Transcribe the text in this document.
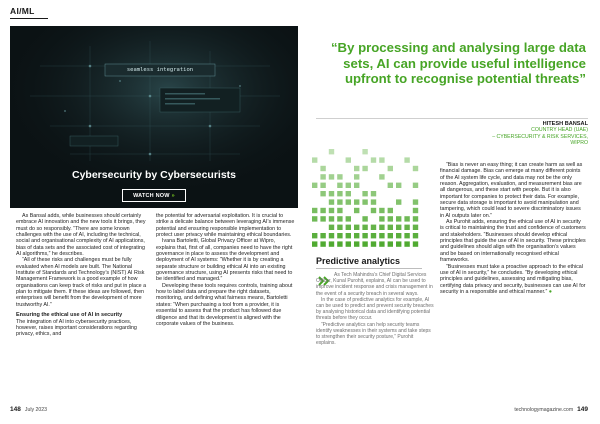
AI/ML
seamless integration
Cybersecurity by Cybersecurists
WATCH NOW »
“By processing and analysing large data sets, AI can provide useful intelligence upfront to recognise potential threats”
HITESH BANSAL
COUNTRY HEAD (UAE)
– CYBERSECURITY & RISK SERVICES,
WIPRO

As Bansal adds, while businesses should certainly embrace AI innovation and the new tools it brings, they must do so responsibly. “There are some known challenges with the use of AI, including the technical, social and organisational complexity of AI applications, bias of data sets and the associated cost of integrating AI algorithms,” he describes.

“All of these risks and challenges must be fully evaluated when AI models are built. The National Institute of Standards and Technology’s (NIST) AI Risk Management Framework is a good example of how organisations can keep track of risks and put in place a plan to mitigate them. If these ideas are followed, then enterprises will benefit from the development of more trustworthy AI.”

Ensuring the ethical use of AI in security

The integration of AI into cybersecurity practices, however, raises important considerations regarding privacy, ethics, and

the potential for adversarial exploitation. It is crucial to strike a delicate balance between leveraging AI’s immense potential and ensuring responsible implementation to protect user privacy while maintaining ethical boundaries.

Ivana Bartoletti, Global Privacy Officer at Wipro, explains that, first of all, companies need to have the right governance in place to assess the development and deployment of AI systems: “Whether it is by creating a separate structure or building ethical AI into an existing governance structure, using AI presents risks that need to be identified and managed.”

Developing these tools requires controls, training about how to label data and prepare the right datasets, monitoring, and defining what fairness means, Bartoletti states: “When purchasing a tool from a provider, it is essential to assess that the product has followed due diligence and that its development is aligned with the corporate values of the business.

Predictive analytics

As Tech Mahindra’s Chief Digital Services Officer, Kunal Purohit, explains, AI can be used to improve incident response and crisis management in the event of a security breach in several ways.

In the case of predictive analytics for example, AI can be used to predict and prevent security breaches by analysing historical data and identifying potential threats before they occur.

“Predictive analytics can help security teams identify weaknesses in their systems and take steps to strengthen their security posture,” Purohit explains.

“Bias is never an easy thing; it can create harm as well as financial damage. Bias can emerge at many different points of the AI system life cycle, and data may not be the only reason. Aggregation, evaluation, and measurement bias are all dangerous, and these start with people. But it is also important for companies to protect their data. For example, secure data storage is important to avoid manipulation and tampering, which could lead to severe discriminatory issues in AI outputs later on.”

As Purohit adds, ensuring the ethical use of AI in security is critical to maintaining the trust and confidence of customers and stakeholders. “Businesses should develop ethical principles that guide the use of AI in security. These principles and guidelines should align with the organisation’s values and be based on internationally recognised ethical frameworks.

“Businesses must take a proactive approach to the ethical use of AI in security,” he concludes. “By developing ethical principles and guidelines, assessing and mitigating bias, certifying data privacy and security, businesses can use AI for security in a responsible and ethical manner.” ●

148 July 2023	technologymagazine.com 149
